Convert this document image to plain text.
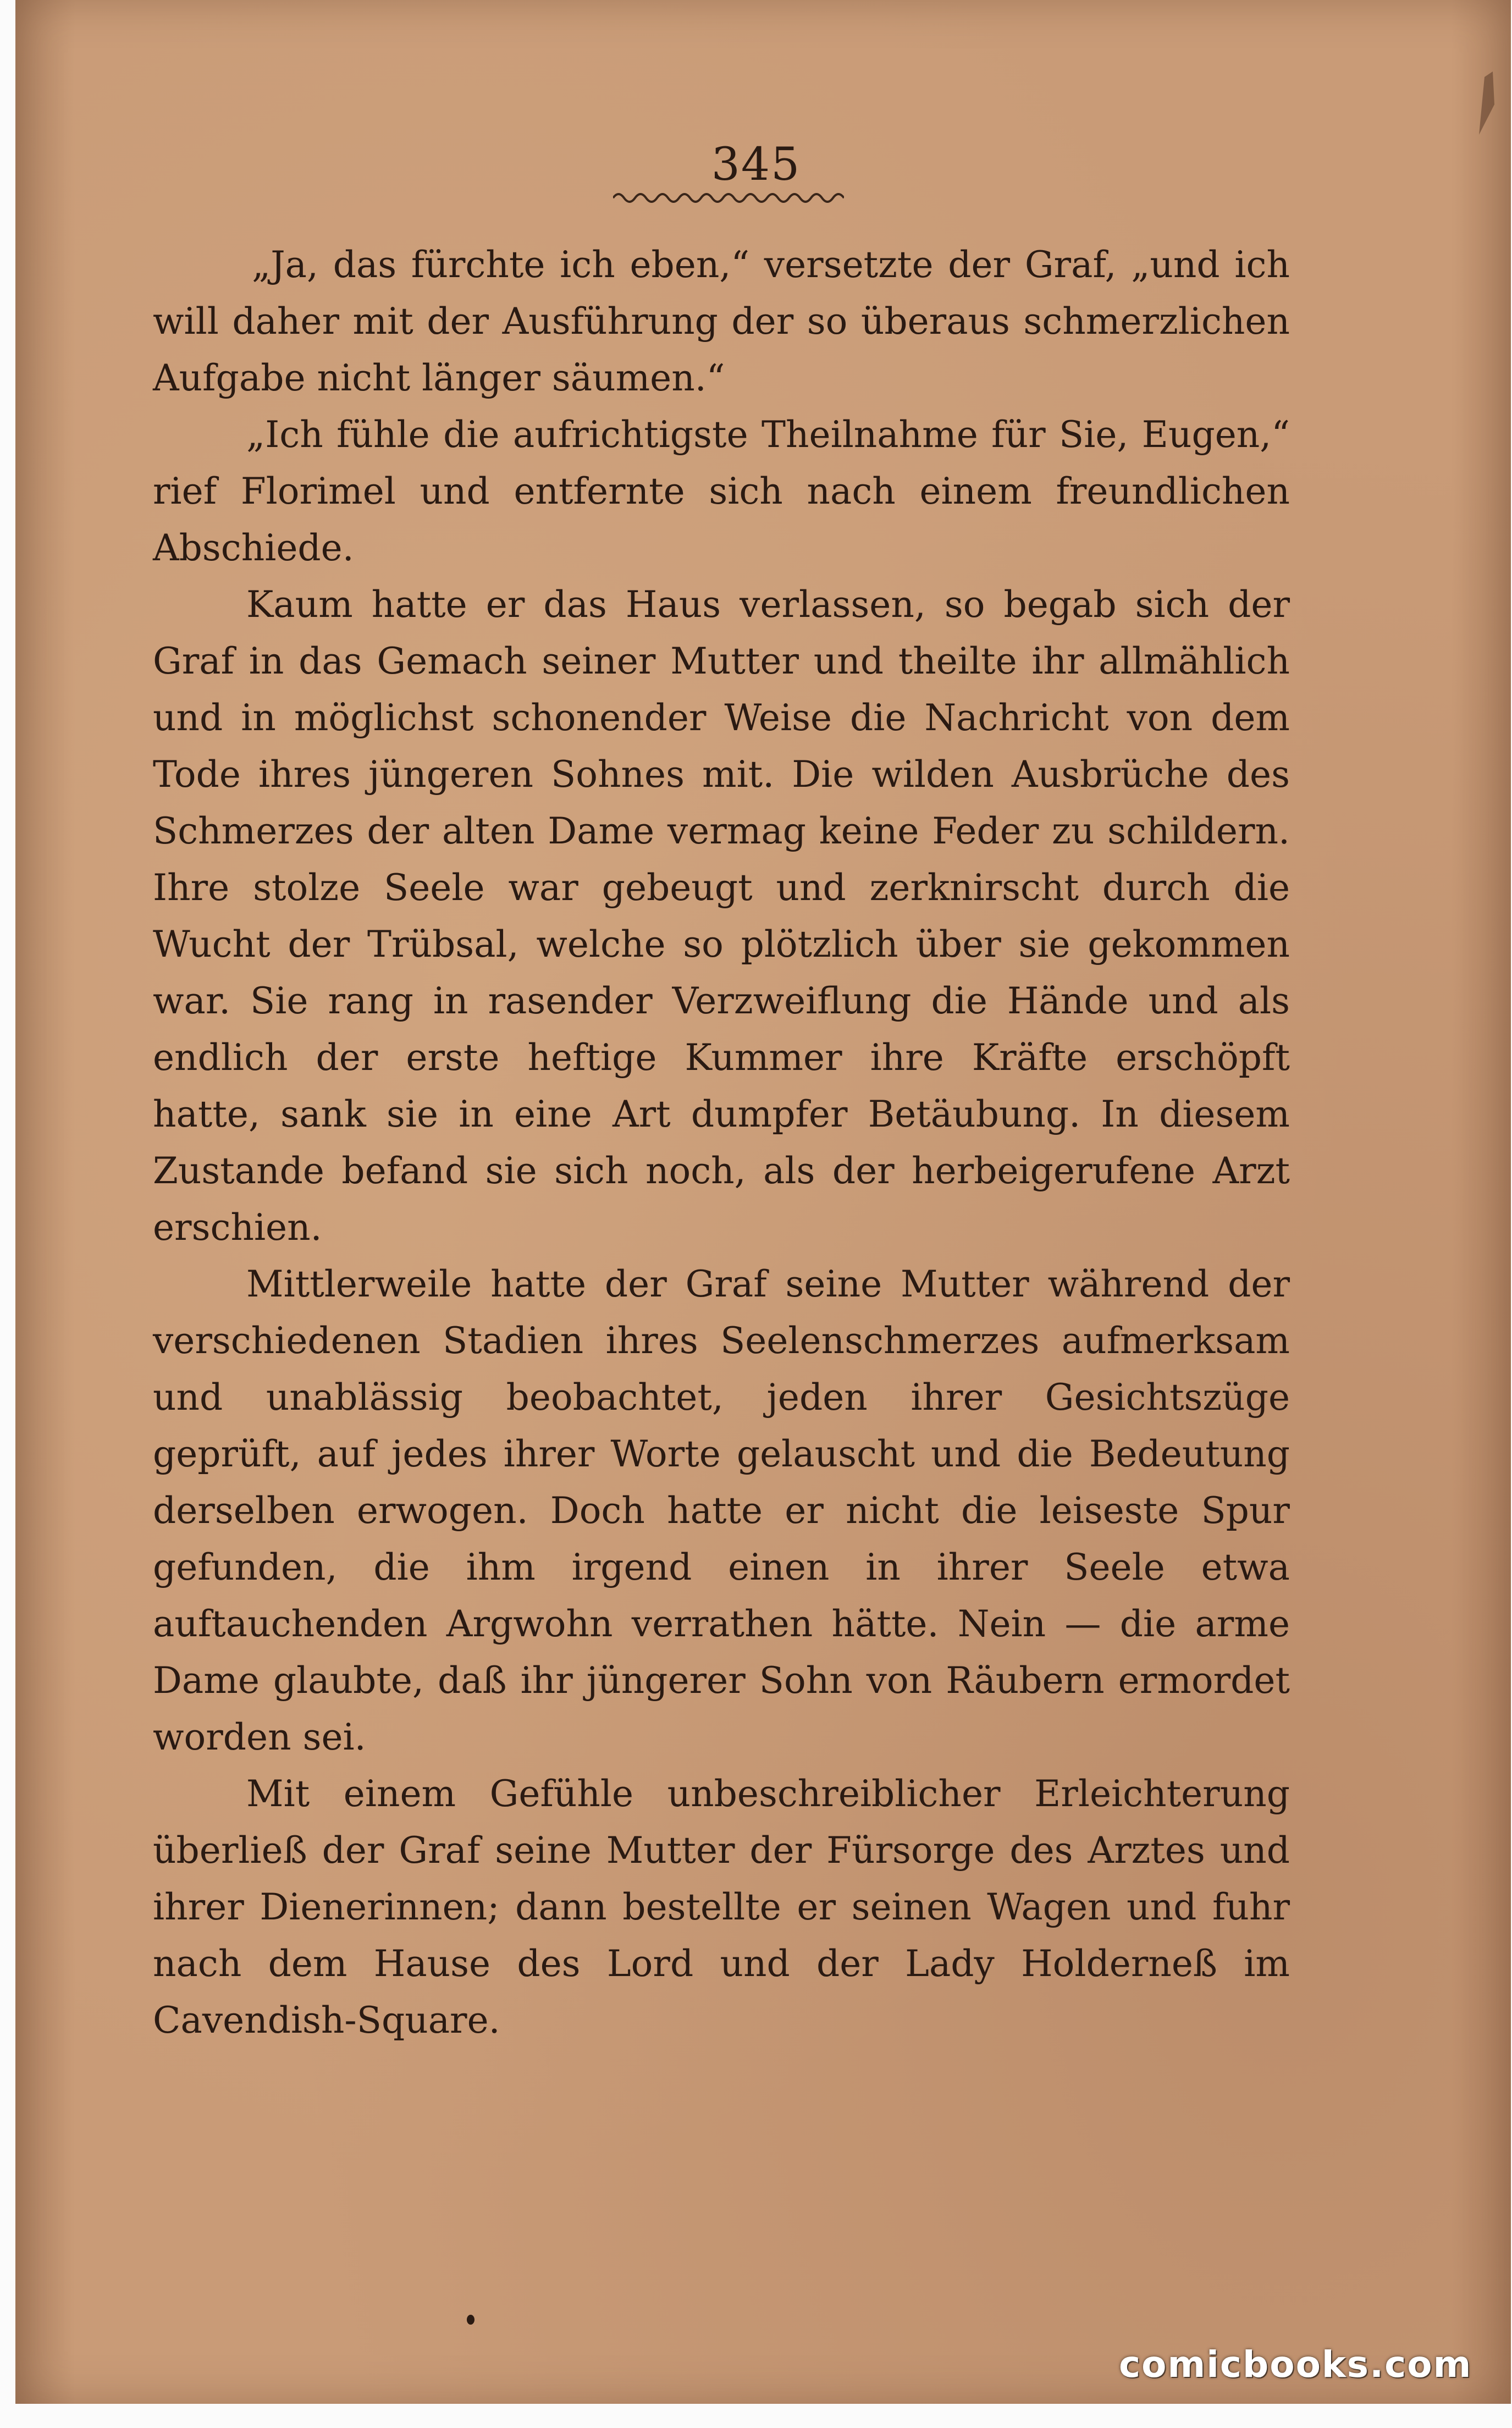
345

„Ja, das fürchte ich eben,“ versetzte der Graf, „und ich will daher mit der Ausführung der so überaus schmerzlichen Aufgabe nicht länger säumen.“

„Ich fühle die aufrichtigste Theilnahme für Sie, Eugen,“ rief Florimel und entfernte sich nach einem freundlichen Abschiede.

Kaum hatte er das Haus verlassen, so begab sich der Graf in das Gemach seiner Mutter und theilte ihr allmählich und in möglichst schonender Weise die Nachricht von dem Tode ihres jüngeren Sohnes mit. Die wilden Ausbrüche des Schmerzes der alten Dame vermag keine Feder zu schildern. Ihre stolze Seele war gebeugt und zerknirscht durch die Wucht der Trübsal, welche so plötzlich über sie gekommen war. Sie rang in rasender Verzweiflung die Hände und als endlich der erste heftige Kummer ihre Kräfte erschöpft hatte, sank sie in eine Art dumpfer Betäubung. In diesem Zustande befand sie sich noch, als der herbeigerufene Arzt erschien.

Mittlerweile hatte der Graf seine Mutter während der verschiedenen Stadien ihres Seelenschmerzes aufmerksam und unablässig beobachtet, jeden ihrer Gesichtszüge geprüft, auf jedes ihrer Worte gelauscht und die Bedeutung derselben erwogen. Doch hatte er nicht die leiseste Spur gefunden, die ihm irgend einen in ihrer Seele etwa auftauchenden Argwohn verrathen hätte. Nein — die arme Dame glaubte, daß ihr jüngerer Sohn von Räubern ermordet worden sei.

Mit einem Gefühle unbeschreiblicher Erleichterung überließ der Graf seine Mutter der Fürsorge des Arztes und ihrer Dienerinnen; dann bestellte er seinen Wagen und fuhr nach dem Hause des Lord und der Lady Holderneß im Cavendish-Square.

comicbooks.com
